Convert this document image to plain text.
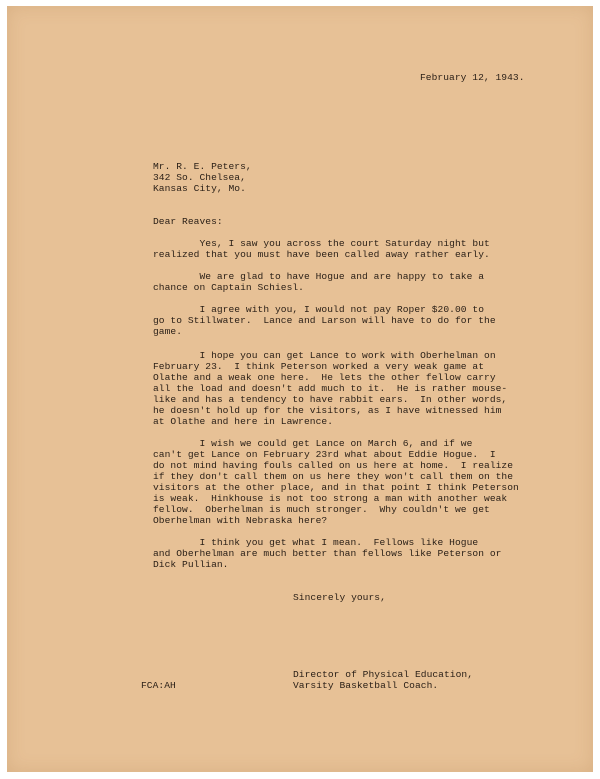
February 12, 1943.
Mr. R. E. Peters,
342 So. Chelsea,
Kansas City, Mo.
Dear Reaves:
Yes, I saw you across the court Saturday night but
realized that you must have been called away rather early.
We are glad to have Hogue and are happy to take a
chance on Captain Schiesl.
I agree with you, I would not pay Roper $20.00 to
go to Stillwater.  Lance and Larson will have to do for the
game.
I hope you can get Lance to work with Oberhelman on
February 23.  I think Peterson worked a very weak game at
Olathe and a weak one here.  He lets the other fellow carry
all the load and doesn't add much to it.  He is rather mouse-
like and has a tendency to have rabbit ears.  In other words,
he doesn't hold up for the visitors, as I have witnessed him
at Olathe and here in Lawrence.
I wish we could get Lance on March 6, and if we
can't get Lance on February 23rd what about Eddie Hogue.  I
do not mind having fouls called on us here at home.  I realize
if they don't call them on us here they won't call them on the
visitors at the other place, and in that point I think Peterson
is weak.  Hinkhouse is not too strong a man with another weak
fellow.  Oberhelman is much stronger.  Why couldn't we get
Oberhelman with Nebraska here?
I think you get what I mean.  Fellows like Hogue
and Oberhelman are much better than fellows like Peterson or
Dick Pullian.
Sincerely yours,
Director of Physical Education,
Varsity Basketball Coach.
FCA:AH
